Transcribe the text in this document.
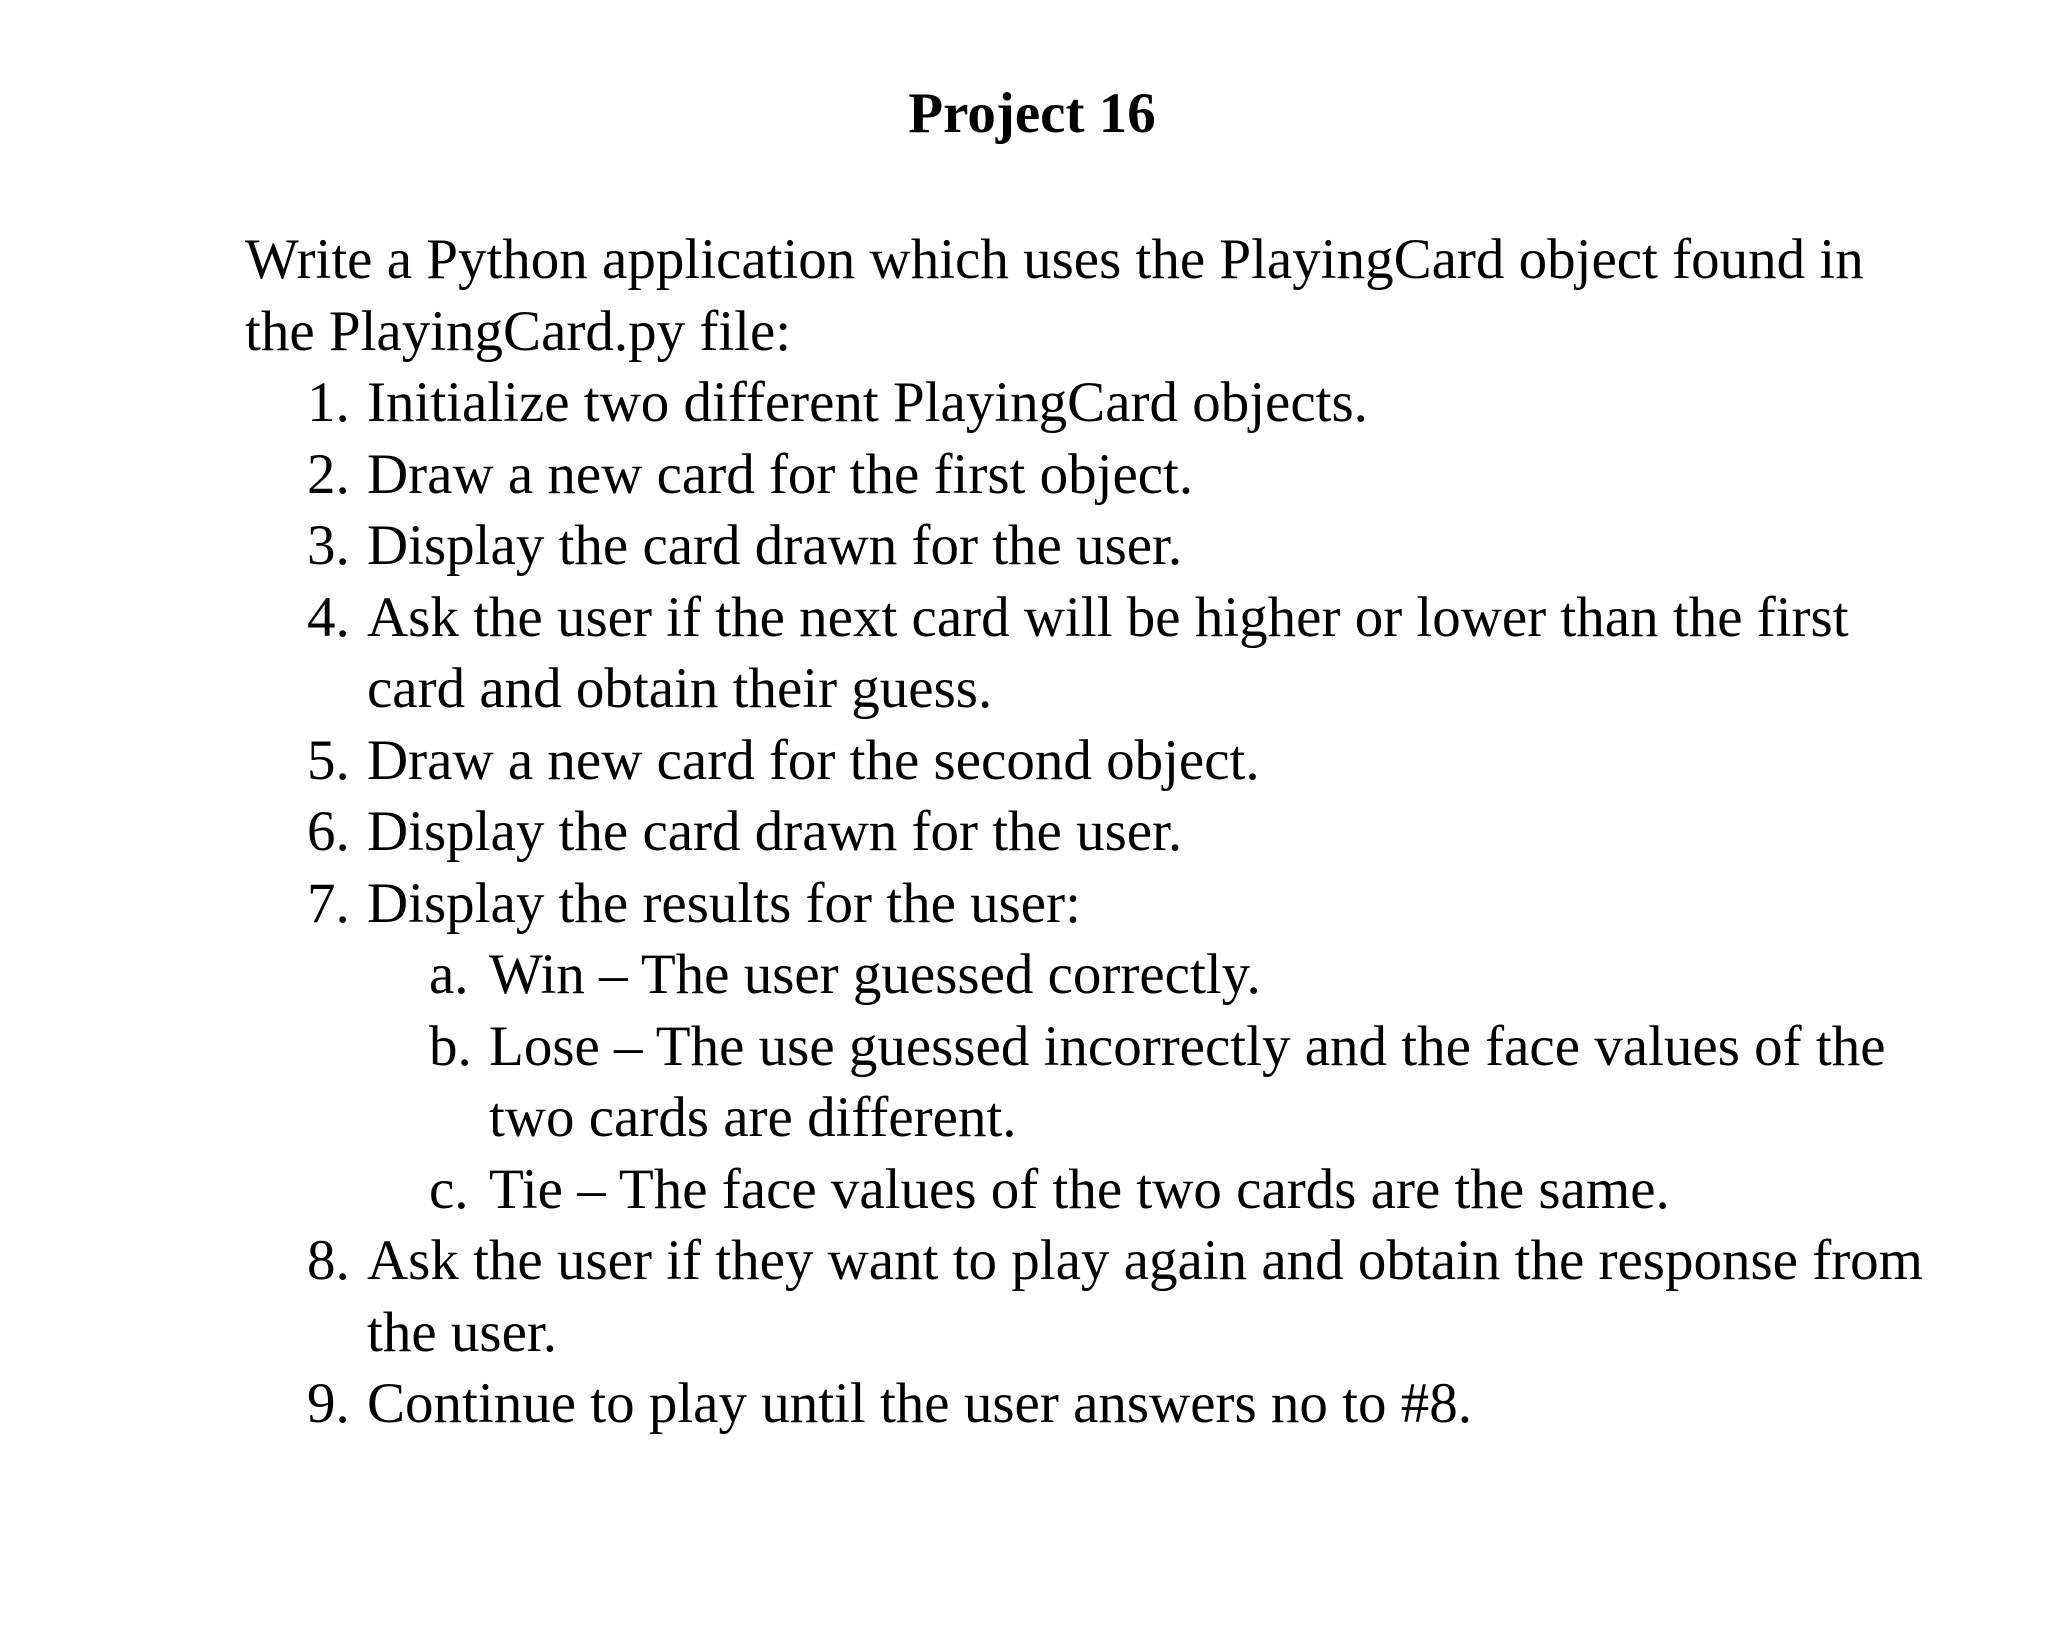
Project 16

Write a Python application which uses the PlayingCard object found in the PlayingCard.py file:

1. Initialize two different PlayingCard objects.
2. Draw a new card for the first object.
3. Display the card drawn for the user.
4. Ask the user if the next card will be higher or lower than the first card and obtain their guess.
5. Draw a new card for the second object.
6. Display the card drawn for the user.
7. Display the results for the user:
a. Win – The user guessed correctly.
b. Lose – The use guessed incorrectly and the face values of the two cards are different.
c. Tie – The face values of the two cards are the same.
8. Ask the user if they want to play again and obtain the response from the user.
9. Continue to play until the user answers no to #8.
